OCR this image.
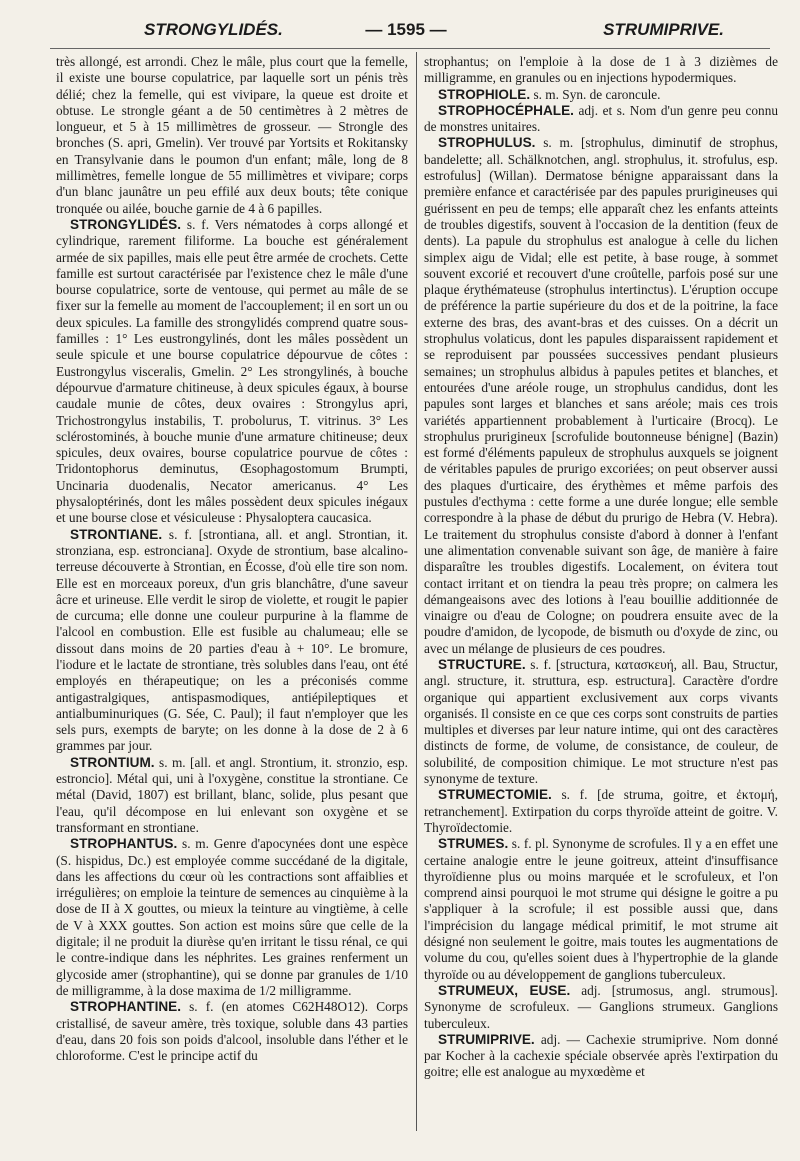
STRONGYLIDÉS.	— 1595 —	STRUMIPRIVE.

très allongé, est arrondi. Chez le mâle, plus court que la femelle, il existe une bourse copulatrice, par laquelle sort un pénis très délié; chez la femelle, qui est vivipare, la queue est droite et obtuse. Le strongle géant a de 50 centimètres à 2 mètres de longueur, et 5 à 15 millimètres de grosseur. — Strongle des bronches (S. apri, Gmelin). Ver trouvé par Yortsits et Rokitansky en Transylvanie dans le poumon d'un enfant; mâle, long de 8 millimètres, femelle longue de 55 millimètres et vivipare; corps d'un blanc jaunâtre un peu effilé aux deux bouts; tête conique tronquée ou ailée, bouche garnie de 4 à 6 papilles.

STRONGYLIDÉS. s. f. Vers nématodes à corps allongé et cylindrique, rarement filiforme. La bouche est généralement armée de six papilles, mais elle peut être armée de crochets. Cette famille est surtout caractérisée par l'existence chez le mâle d'une bourse copulatrice, sorte de ventouse, qui permet au mâle de se fixer sur la femelle au moment de l'accouplement; il en sort un ou deux spicules. La famille des strongylidés comprend quatre sous-familles : 1° Les eustrongylinés, dont les mâles possèdent un seule spicule et une bourse copulatrice dépourvue de côtes : Eustrongylus visceralis, Gmelin. 2° Les strongylinés, à bouche dépourvue d'armature chitineuse, à deux spicules égaux, à bourse caudale munie de côtes, deux ovaires : Strongylus apri, Trichostrongylus instabilis, T. probolurus, T. vitrinus. 3° Les sclérostominés, à bouche munie d'une armature chitineuse; deux spicules, deux ovaires, bourse copulatrice pourvue de côtes : Tridontophorus deminutus, Œsophagostomum Brumpti, Uncinaria duodenalis, Necator americanus. 4° Les physaloptérinés, dont les mâles possèdent deux spicules inégaux et une bourse close et vésiculeuse : Physaloptera caucasica.

STRONTIANE. s. f. [strontiana, all. et angl. Strontian, it. stronziana, esp. estronciana]. Oxyde de strontium, base alcalino-terreuse découverte à Strontian, en Écosse, d'où elle tire son nom. Elle est en morceaux poreux, d'un gris blanchâtre, d'une saveur âcre et urineuse. Elle verdit le sirop de violette, et rougit le papier de curcuma; elle donne une couleur purpurine à la flamme de l'alcool en combustion. Elle est fusible au chalumeau; elle se dissout dans moins de 20 parties d'eau à + 10°. Le bromure, l'iodure et le lactate de strontiane, très solubles dans l'eau, ont été employés en thérapeutique; on les a préconisés comme antigastralgiques, antispasmodiques, antiépileptiques et antialbuminuriques (G. Sée, C. Paul); il faut n'employer que les sels purs, exempts de baryte; on les donne à la dose de 2 à 6 grammes par jour.

STRONTIUM. s. m. [all. et angl. Strontium, it. stronzio, esp. estroncio]. Métal qui, uni à l'oxygène, constitue la strontiane. Ce métal (David, 1807) est brillant, blanc, solide, plus pesant que l'eau, qu'il décompose en lui enlevant son oxygène et se transformant en strontiane.

STROPHANTUS. s. m. Genre d'apocynées dont une espèce (S. hispidus, Dc.) est employée comme succédané de la digitale, dans les affections du cœur où les contractions sont affaiblies et irrégulières; on emploie la teinture de semences au cinquième à la dose de II à X gouttes, ou mieux la teinture au vingtième, à celle de V à XXX gouttes. Son action est moins sûre que celle de la digitale; il ne produit la diurèse qu'en irritant le tissu rénal, ce qui le contre-indique dans les néphrites. Les graines renferment un glycoside amer (strophantine), qui se donne par granules de 1/10 de milligramme, à la dose maxima de 1/2 milligramme.

STROPHANTINE. s. f. (en atomes C62H48O12). Corps cristallisé, de saveur amère, très toxique, soluble dans 43 parties d'eau, dans 20 fois son poids d'alcool, insoluble dans l'éther et le chloroforme. C'est le principe actif du

strophantus; on l'emploie à la dose de 1 à 3 dizièmes de milligramme, en granules ou en injections hypodermiques.

STROPHIOLE. s. m. Syn. de caroncule.

STROPHOCÉPHALE. adj. et s. Nom d'un genre peu connu de monstres unitaires.

STROPHULUS. s. m. [strophulus, diminutif de strophus, bandelette; all. Schälknotchen, angl. strophulus, it. strofulus, esp. estrofulus] (Willan). Dermatose bénigne apparaissant dans la première enfance et caractérisée par des papules prurigineuses qui guérissent en peu de temps; elle apparaît chez les enfants atteints de troubles digestifs, souvent à l'occasion de la dentition (feux de dents). La papule du strophulus est analogue à celle du lichen simplex aigu de Vidal; elle est petite, à base rouge, à sommet souvent excorié et recouvert d'une croûtelle, parfois posé sur une plaque érythémateuse (strophulus intertinctus). L'éruption occupe de préférence la partie supérieure du dos et de la poitrine, la face externe des bras, des avant-bras et des cuisses. On a décrit un strophulus volaticus, dont les papules disparaissent rapidement et se reproduisent par poussées successives pendant plusieurs semaines; un strophulus albidus à papules petites et blanches, et entourées d'une aréole rouge, un strophulus candidus, dont les papules sont larges et blanches et sans aréole; mais ces trois variétés appartiennent probablement à l'urticaire (Brocq). Le strophulus prurigineux [scrofulide boutonneuse bénigne] (Bazin) est formé d'éléments papuleux de strophulus auxquels se joignent de véritables papules de prurigo excoriées; on peut observer aussi des plaques d'urticaire, des érythèmes et même parfois des pustules d'ecthyma : cette forme a une durée longue; elle semble correspondre à la phase de début du prurigo de Hebra (V. Hebra). Le traitement du strophulus consiste d'abord à donner à l'enfant une alimentation convenable suivant son âge, de manière à faire disparaître les troubles digestifs. Localement, on évitera tout contact irritant et on tiendra la peau très propre; on calmera les démangeaisons avec des lotions à l'eau bouillie additionnée de vinaigre ou d'eau de Cologne; on poudrera ensuite avec de la poudre d'amidon, de lycopode, de bismuth ou d'oxyde de zinc, ou avec un mélange de plusieurs de ces poudres.

STRUCTURE. s. f. [structura, κατασκευή, all. Bau, Structur, angl. structure, it. struttura, esp. estructura]. Caractère d'ordre organique qui appartient exclusivement aux corps vivants organisés. Il consiste en ce que ces corps sont construits de parties multiples et diverses par leur nature intime, qui ont des caractères distincts de forme, de volume, de consistance, de couleur, de solubilité, de composition chimique. Le mot structure n'est pas synonyme de texture.

STRUMECTOMIE. s. f. [de struma, goitre, et ἐκτομή, retranchement]. Extirpation du corps thyroïde atteint de goitre. V. Thyroïdectomie.

STRUMES. s. f. pl. Synonyme de scrofules. Il y a en effet une certaine analogie entre le jeune goitreux, atteint d'insuffisance thyroïdienne plus ou moins marquée et le scrofuleux, et l'on comprend ainsi pourquoi le mot strume qui désigne le goitre a pu s'appliquer à la scrofule; il est possible aussi que, dans l'imprécision du langage médical primitif, le mot strume ait désigné non seulement le goitre, mais toutes les augmentations de volume du cou, qu'elles soient dues à l'hypertrophie de la glande thyroïde ou au développement de ganglions tuberculeux.

STRUMEUX, EUSE. adj. [strumosus, angl. strumous]. Synonyme de scrofuleux. — Ganglions strumeux. Ganglions tuberculeux.

STRUMIPRIVE. adj. — Cachexie strumiprive. Nom donné par Kocher à la cachexie spéciale observée après l'extirpation du goitre; elle est analogue au myxœdème et
